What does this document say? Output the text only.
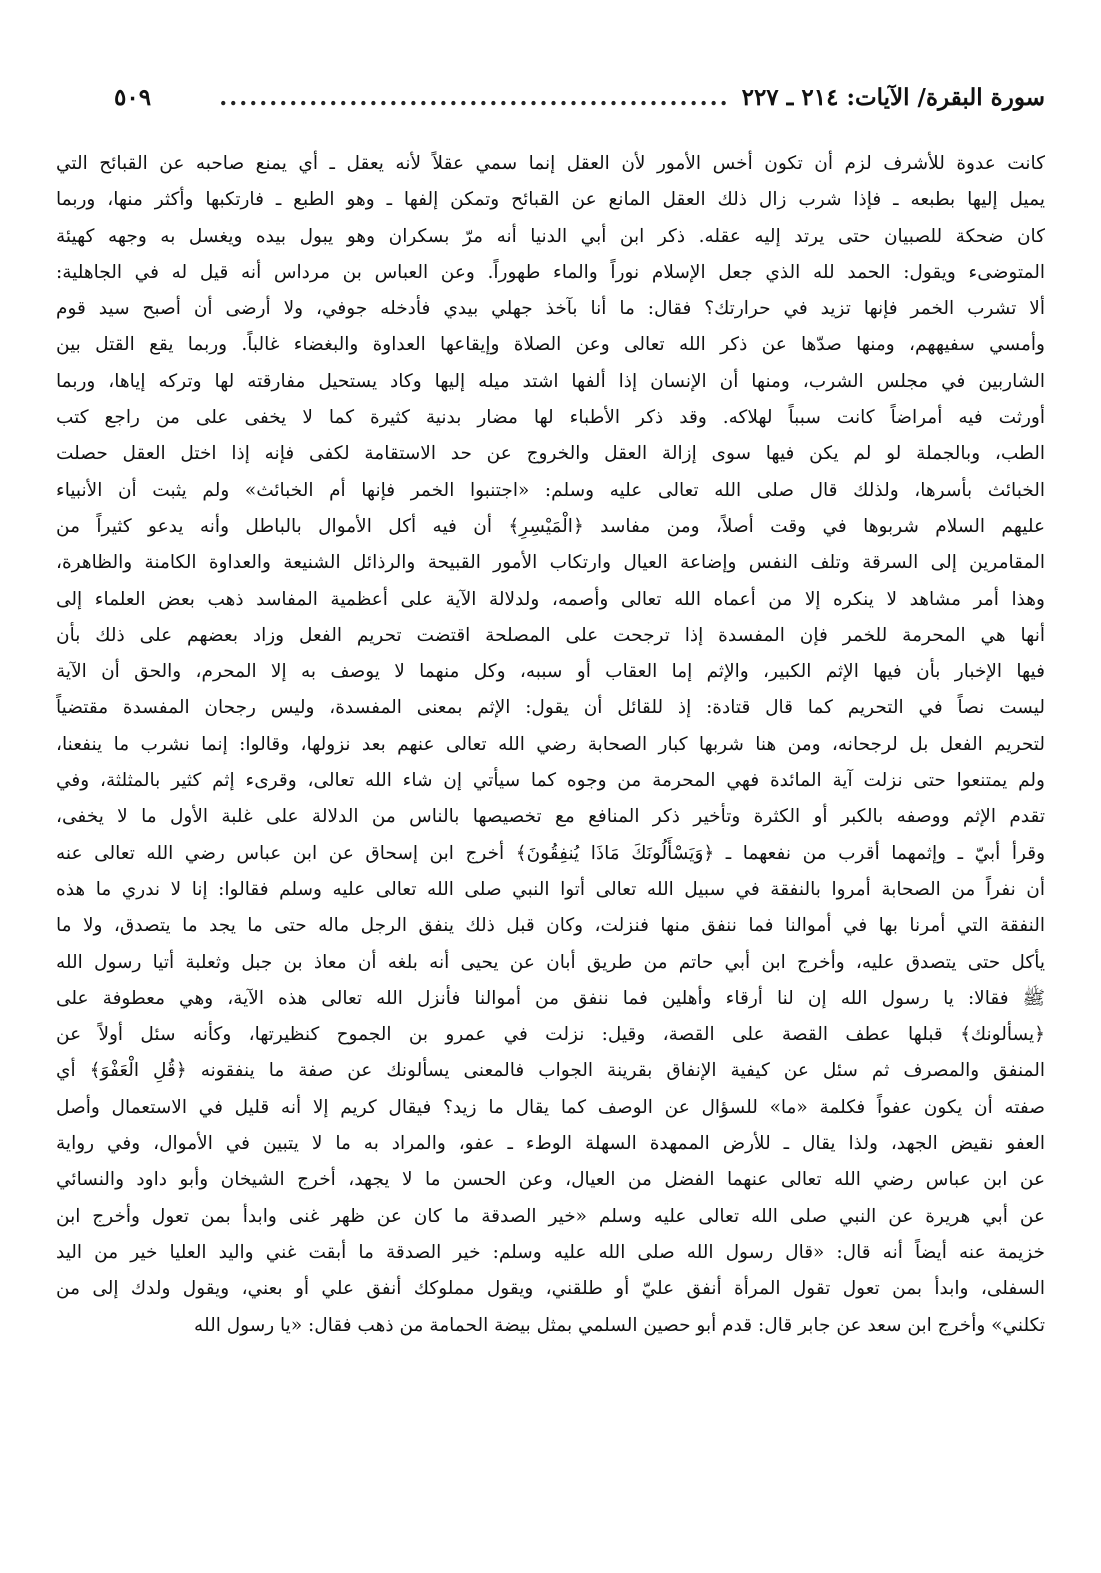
سورة البقرة/ الآيات: ٢١٤ ـ ٢٢٧
...................................................
٥٠٩
كانت عدوة للأشرف لزم أن تكون أخس الأمور لأن العقل إنما سمي عقلاً لأنه يعقل ـ أي يمنع صاحبه عن القبائح التي
يميل إليها بطبعه ـ فإذا شرب زال ذلك العقل المانع عن القبائح وتمكن إلفها ـ وهو الطبع ـ فارتكبها وأكثر منها، وربما
كان ضحكة للصبيان حتى يرتد إليه عقله. ذكر ابن أبي الدنيا أنه مرّ بسكران وهو يبول بيده ويغسل به وجهه كهيئة
المتوضىء ويقول: الحمد لله الذي جعل الإسلام نوراً والماء طهوراً. وعن العباس بن مرداس أنه قيل له في الجاهلية:
ألا تشرب الخمر فإنها تزيد في حرارتك؟ فقال: ما أنا بآخذ جهلي بيدي فأدخله جوفي، ولا أرضى أن أصبح سيد قوم
وأمسي سفيههم، ومنها صدّها عن ذكر الله تعالى وعن الصلاة وإيقاعها العداوة والبغضاء غالباً. وربما يقع القتل بين
الشاربين في مجلس الشرب، ومنها أن الإنسان إذا ألفها اشتد ميله إليها وكاد يستحيل مفارقته لها وتركه إياها، وربما
أورثت فيه أمراضاً كانت سبباً لهلاكه. وقد ذكر الأطباء لها مضار بدنية كثيرة كما لا يخفى على من راجع كتب
الطب، وبالجملة لو لم يكن فيها سوى إزالة العقل والخروج عن حد الاستقامة لكفى فإنه إذا اختل العقل حصلت
الخبائث بأسرها، ولذلك قال صلى الله تعالى عليه وسلم: «اجتنبوا الخمر فإنها أم الخبائث» ولم يثبت أن الأنبياء
عليهم السلام شربوها في وقت أصلاً، ومن مفاسد ﴿الْمَيْسِرِ﴾ أن فيه أكل الأموال بالباطل وأنه يدعو كثيراً من
المقامرين إلى السرقة وتلف النفس وإضاعة العيال وارتكاب الأمور القبيحة والرذائل الشنيعة والعداوة الكامنة والظاهرة،
وهذا أمر مشاهد لا ينكره إلا من أعماه الله تعالى وأصمه، ولدلالة الآية على أعظمية المفاسد ذهب بعض العلماء إلى
أنها هي المحرمة للخمر فإن المفسدة إذا ترجحت على المصلحة اقتضت تحريم الفعل وزاد بعضهم على ذلك بأن
فيها الإخبار بأن فيها الإثم الكبير، والإثم إما العقاب أو سببه، وكل منهما لا يوصف به إلا المحرم، والحق أن الآية
ليست نصاً في التحريم كما قال قتادة: إذ للقائل أن يقول: الإثم بمعنى المفسدة، وليس رجحان المفسدة مقتضياً
لتحريم الفعل بل لرجحانه، ومن هنا شربها كبار الصحابة رضي الله تعالى عنهم بعد نزولها، وقالوا: إنما نشرب ما ينفعنا،
ولم يمتنعوا حتى نزلت آية المائدة فهي المحرمة من وجوه كما سيأتي إن شاء الله تعالى، وقرىء إثم كثير بالمثلثة، وفي
تقدم الإثم ووصفه بالكبر أو الكثرة وتأخير ذكر المنافع مع تخصيصها بالناس من الدلالة على غلبة الأول ما لا يخفى،
وقرأ أبيّ ـ وإثمهما أقرب من نفعهما ـ ﴿وَيَسْأَلُونَكَ مَاذَا يُنفِقُونَ﴾ أخرج ابن إسحاق عن ابن عباس رضي الله تعالى عنه
أن نفراً من الصحابة أمروا بالنفقة في سبيل الله تعالى أتوا النبي صلى الله تعالى عليه وسلم فقالوا: إنا لا ندري ما هذه
النفقة التي أمرنا بها في أموالنا فما ننفق منها فنزلت، وكان قبل ذلك ينفق الرجل ماله حتى ما يجد ما يتصدق، ولا ما
يأكل حتى يتصدق عليه، وأخرج ابن أبي حاتم من طريق أبان عن يحيى أنه بلغه أن معاذ بن جبل وثعلبة أتيا رسول الله
ﷺ فقالا: يا رسول الله إن لنا أرقاء وأهلين فما ننفق من أموالنا فأنزل الله تعالى هذه الآية، وهي معطوفة على
﴿يسألونك﴾ قبلها عطف القصة على القصة، وقيل: نزلت في عمرو بن الجموح كنظيرتها، وكأنه سئل أولاً عن
المنفق والمصرف ثم سئل عن كيفية الإنفاق بقرينة الجواب فالمعنى يسألونك عن صفة ما ينفقونه ﴿قُلِ الْعَفْوَ﴾ أي
صفته أن يكون عفواً فكلمة «ما» للسؤال عن الوصف كما يقال ما زيد؟ فيقال كريم إلا أنه قليل في الاستعمال وأصل
العفو نقيض الجهد، ولذا يقال ـ للأرض الممهدة السهلة الوطء ـ عفو، والمراد به ما لا يتبين في الأموال، وفي رواية
عن ابن عباس رضي الله تعالى عنهما الفضل من العيال، وعن الحسن ما لا يجهد، أخرج الشيخان وأبو داود والنسائي
عن أبي هريرة عن النبي صلى الله تعالى عليه وسلم «خير الصدقة ما كان عن ظهر غنى وابدأ بمن تعول وأخرج ابن
خزيمة عنه أيضاً أنه قال: «قال رسول الله صلى الله عليه وسلم: خير الصدقة ما أبقت غني واليد العليا خير من اليد
السفلى، وابدأ بمن تعول تقول المرأة أنفق عليّ أو طلقني، ويقول مملوكك أنفق علي أو بعني، ويقول ولدك إلى من
تكلني» وأخرج ابن سعد عن جابر قال: قدم أبو حصين السلمي بمثل بيضة الحمامة من ذهب فقال: «يا رسول الله
